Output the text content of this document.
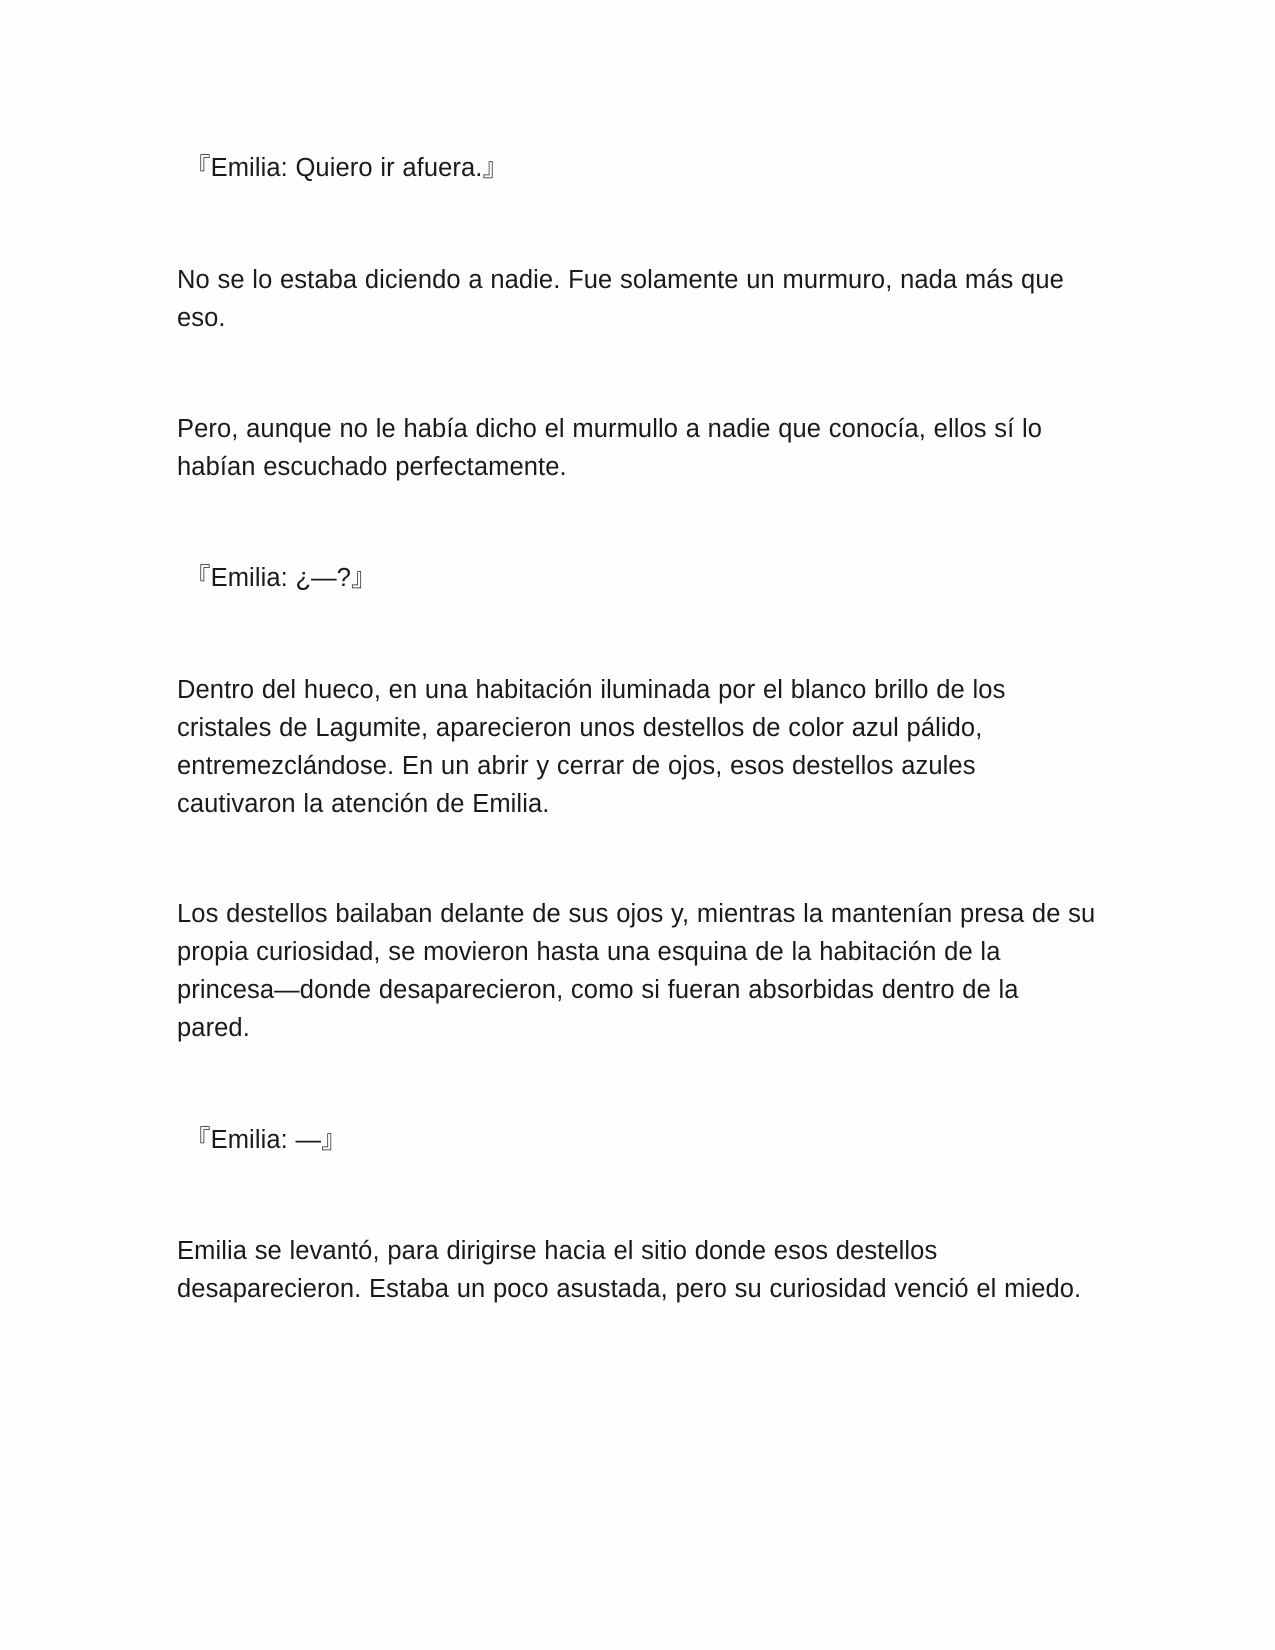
『Emilia: Quiero ir afuera.』

No se lo estaba diciendo a nadie. Fue solamente un murmuro, nada más que eso.

Pero, aunque no le había dicho el murmullo a nadie que conocía, ellos sí lo habían escuchado perfectamente.

『Emilia: ¿—?』

Dentro del hueco, en una habitación iluminada por el blanco brillo de los cristales de Lagumite, aparecieron unos destellos de color azul pálido, entremezclándose. En un abrir y cerrar de ojos, esos destellos azules cautivaron la atención de Emilia.

Los destellos bailaban delante de sus ojos y, mientras la mantenían presa de su propia curiosidad, se movieron hasta una esquina de la habitación de la princesa—donde desaparecieron, como si fueran absorbidas dentro de la pared.

『Emilia: —』

Emilia se levantó, para dirigirse hacia el sitio donde esos destellos desaparecieron. Estaba un poco asustada, pero su curiosidad venció el miedo.
